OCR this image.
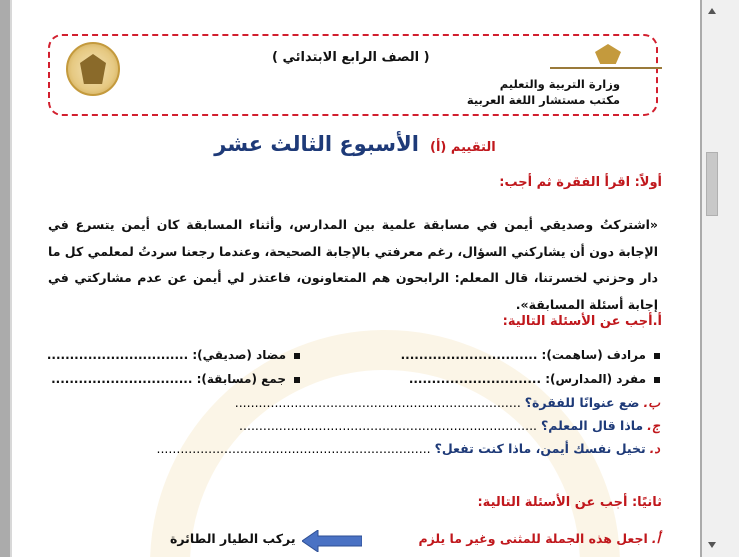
( الصف الرابع الابتدائي )
وزارة التربية والتعليم
مكتب مستشار اللغة العربية
التقييم (أ) الأسبوع الثالث عشر
أولاً: اقرأ الفقرة ثم أجب:
«اشتركتُ وصديقي أيمن في مسابقة علمية بين المدارس، وأثناء المسابقة كان أيمن يتسرع في الإجابة دون أن يشاركني السؤال، رغم معرفتي بالإجابة الصحيحة، وعندما رجعنا سردتُ لمعلمي كل ما دار وحزني لخسرتنا، قال المعلم: الرابحون هم المتعاونون، فاعتذر لي أيمن عن عدم مشاركتي في إجابة أسئلة المسابقة».
أ.أجب عن الأسئلة التالية:
مرادف (ساهمت): ..............................
مضاد (صديقي): ...............................
مفرد (المدارس): .............................
جمع (مسابقة): ...............................
ب.ضع عنوانًا للفقرة؟ ........................................................................
ج.ماذا قال المعلم؟ ...........................................................................
د.تخيل نفسك أيمن، ماذا كنت تفعل؟ .....................................................................
ثانيًا: أجب عن الأسئلة التالية:
أ.اجعل هذه الجملة للمثنى وغير ما يلزم
يركب الطيار الطائرة
